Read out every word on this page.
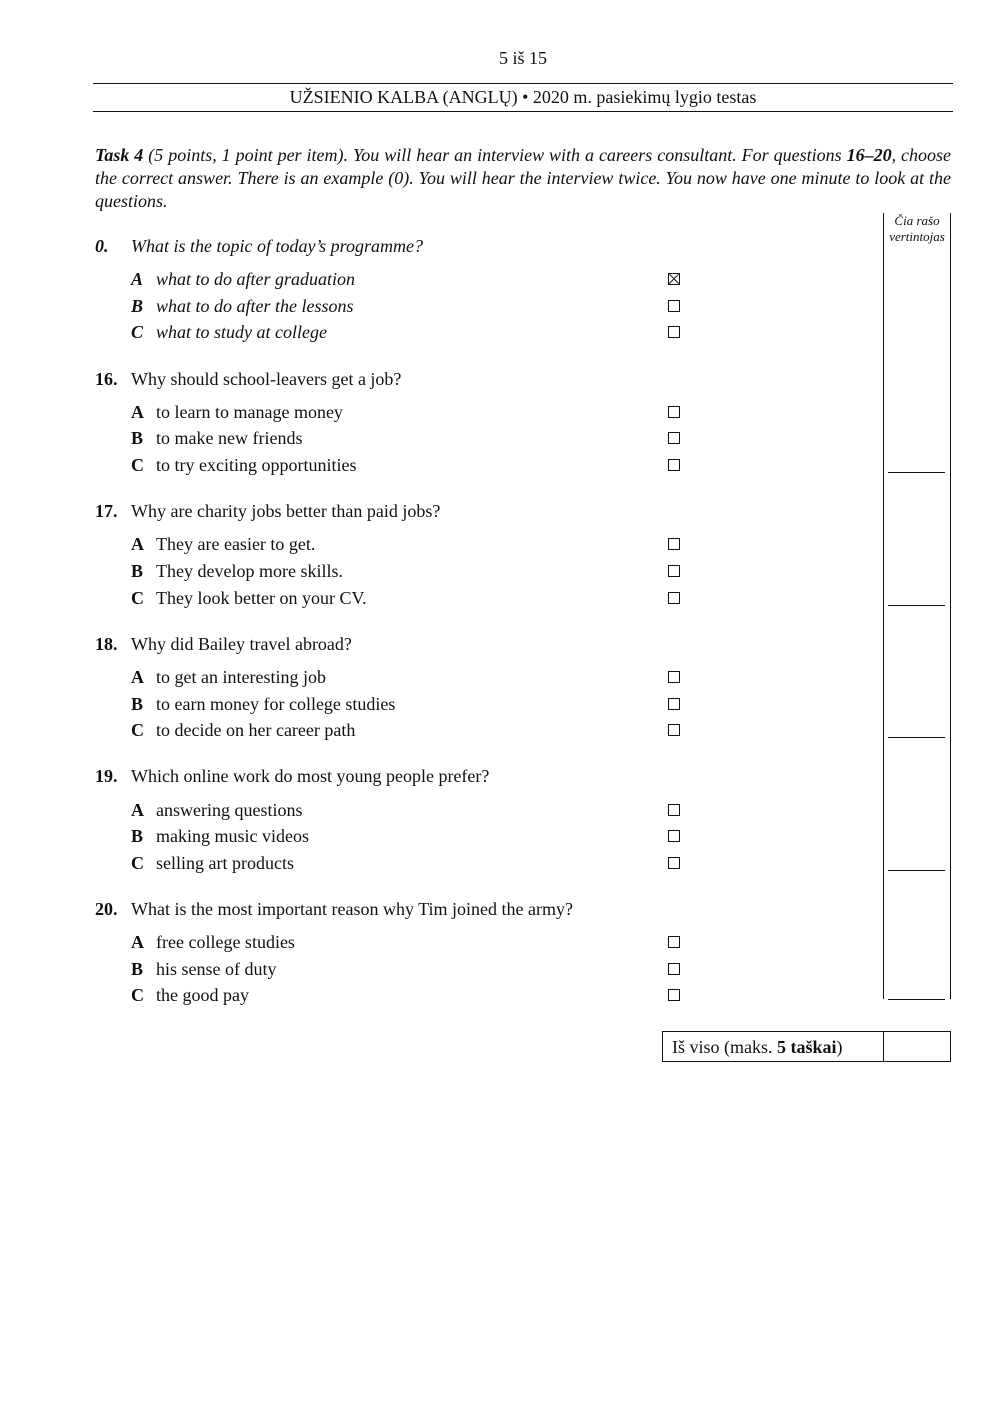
5 iš 15
UŽSIENIO KALBA (ANGLŲ) • 2020 m. pasiekimų lygio testas
Task 4 (5 points, 1 point per item). You will hear an interview with a careers consultant. For questions 16–20, choose the correct answer. There is an example (0). You will hear the interview twice. You now have one minute to look at the questions.
Čia rašo vertintojas
0. What is the topic of today’s programme?
A what to do after graduation
B what to do after the lessons
C what to study at college
16. Why should school-leavers get a job?
A to learn to manage money
B to make new friends
C to try exciting opportunities
17. Why are charity jobs better than paid jobs?
A They are easier to get.
B They develop more skills.
C They look better on your CV.
18. Why did Bailey travel abroad?
A to get an interesting job
B to earn money for college studies
C to decide on her career path
19. Which online work do most young people prefer?
A answering questions
B making music videos
C selling art products
20. What is the most important reason why Tim joined the army?
A free college studies
B his sense of duty
C the good pay
Iš viso (maks. 5 taškai)
